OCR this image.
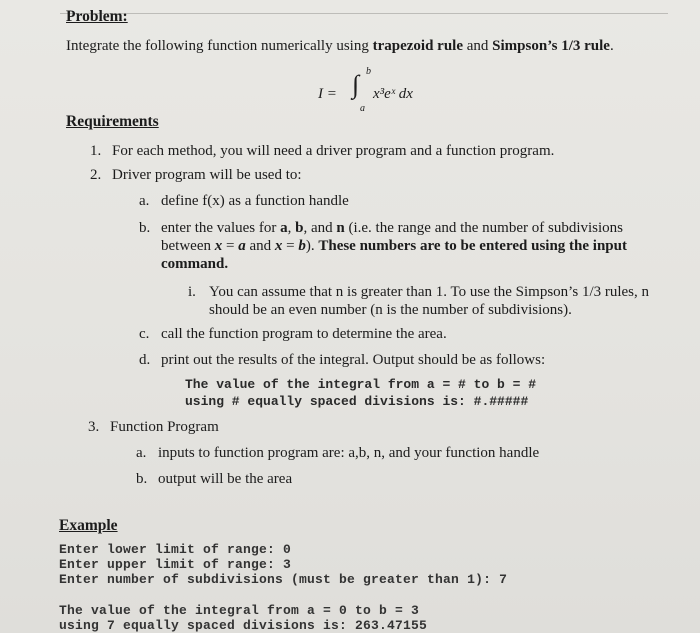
Problem:
Integrate the following function numerically using trapezoid rule and Simpson’s 1/3 rule.
I = ∫ b
a
x³eˣ dx
Requirements
1. For each method, you will need a driver program and a function program.
2. Driver program will be used to:
a. define f(x) as a function handle
b. enter the values for a, b, and n (i.e. the range and the number of subdivisions
between x = a and x = b). These numbers are to be entered using the input
command.
i. You can assume that n is greater than 1. To use the Simpson’s 1/3 rules, n
should be an even number (n is the number of subdivisions).
c. call the function program to determine the area.
d. print out the results of the integral. Output should be as follows:
The value of the integral from a = # to b = #
using # equally spaced divisions is: #.#####
3. Function Program
a. inputs to function program are: a,b, n, and your function handle
b. output will be the area
Example
Enter lower limit of range: 0
Enter upper limit of range: 3
Enter number of subdivisions (must be greater than 1): 7
The value of the integral from a = 0 to b = 3
using 7 equally spaced divisions is: 263.47155
